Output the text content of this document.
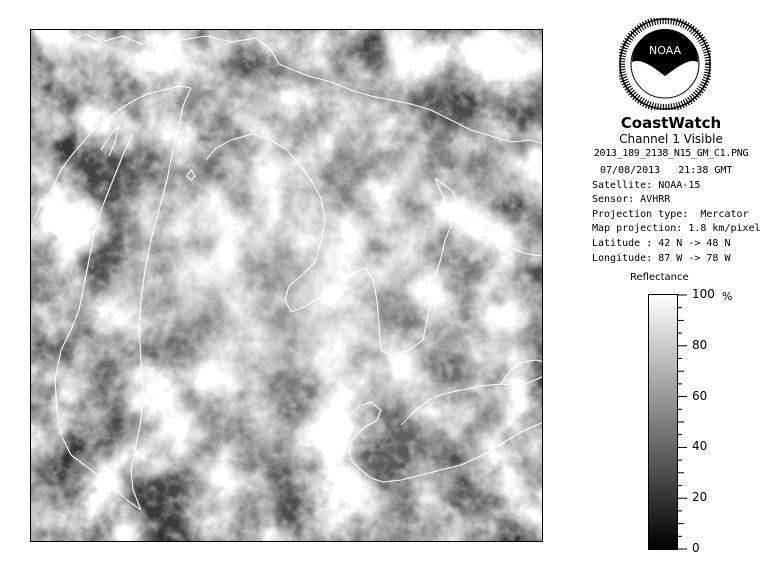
NOAA
CoastWatch
Channel 1 Visible
2013_189_2138_N15_GM_C1.PNG
07/08/2013   21:38 GMT
Satellite: NOAA-15
Sensor: AVHRR
Projection type:  Mercator
Map projection: 1.8 km/pixel
Latitude : 42 N -> 48 N
Longitude: 87 W -> 78 W
Reflectance
%
100
80
60
40
20
0
